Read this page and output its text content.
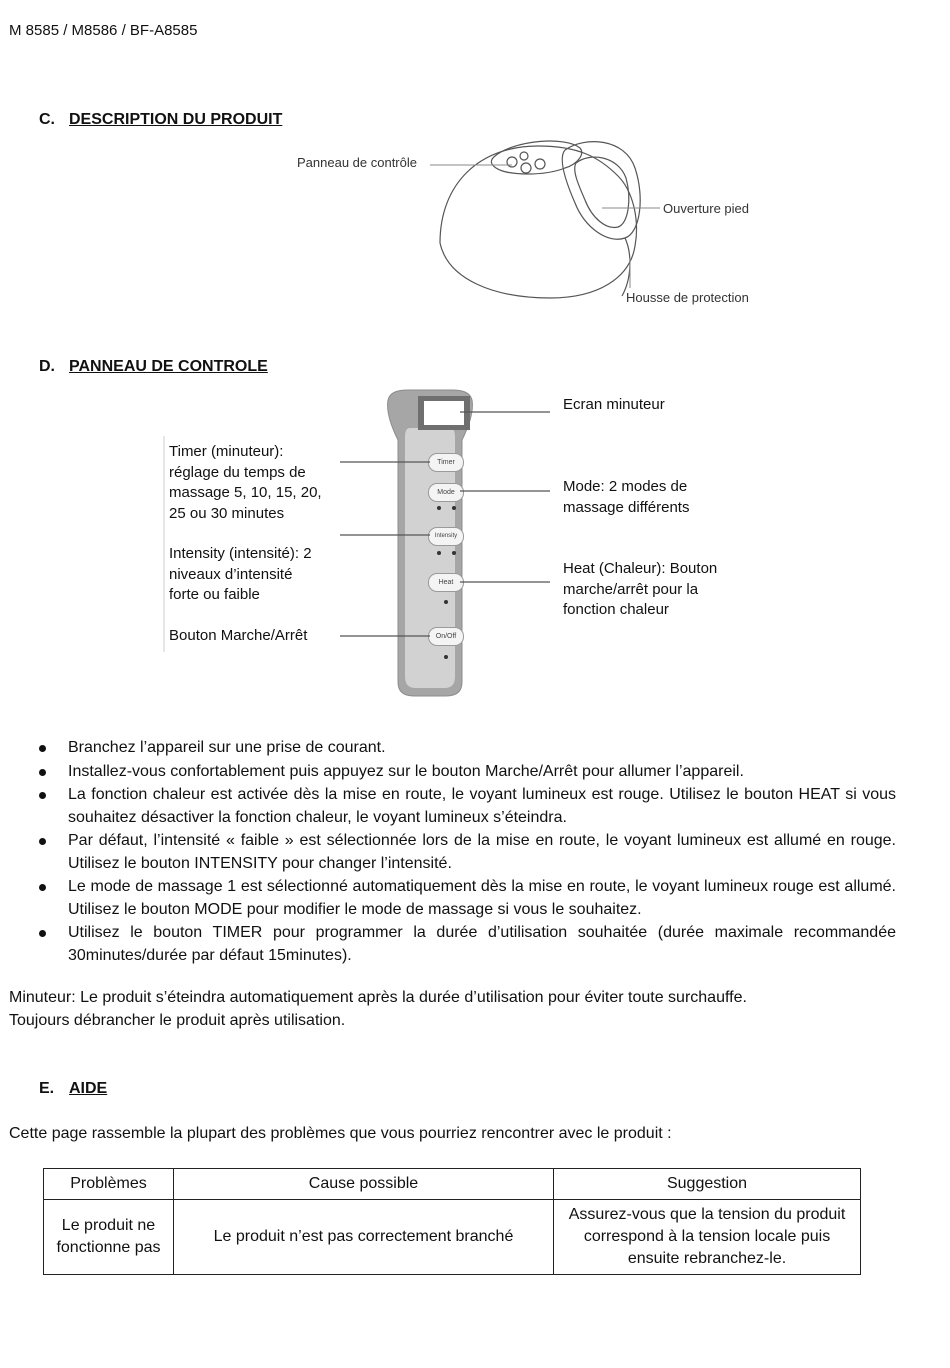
M 8585 / M8586 / BF-A8585
C. DESCRIPTION DU PRODUIT
Panneau de contrôle
Ouverture pied
Housse de protection
D. PANNEAU DE CONTROLE
Timer
Mode
Intensity
Heat
On/Off
Ecran minuteur
Timer (minuteur):
réglage du temps de
massage 5, 10, 15, 20,
25 ou 30 minutes
Intensity (intensité): 2
niveaux d’intensité
forte ou faible
Bouton Marche/Arrêt
Mode: 2 modes de
massage différents
Heat (Chaleur): Bouton
marche/arrêt pour la
fonction chaleur
Branchez l’appareil sur une prise de courant.
Installez-vous confortablement puis appuyez sur le bouton Marche/Arrêt pour allumer l’appareil.
La fonction chaleur est activée dès la mise en route, le voyant lumineux est rouge. Utilisez le bouton HEAT si vous souhaitez désactiver la fonction chaleur, le voyant lumineux s’éteindra.
Par défaut, l’intensité « faible » est sélectionnée lors de la mise en route, le voyant lumineux est allumé en rouge. Utilisez le bouton INTENSITY pour changer l’intensité.
Le mode de massage 1 est sélectionné automatiquement dès la mise en route, le voyant lumineux rouge est allumé. Utilisez le bouton MODE pour modifier le mode de massage si vous le souhaitez.
Utilisez le bouton TIMER pour programmer la durée d’utilisation souhaitée (durée maximale recommandée 30minutes/durée par défaut 15minutes).
Minuteur: Le produit s’éteindra automatiquement après la durée d’utilisation pour éviter toute surchauffe.
Toujours débrancher le produit après utilisation.
E. AIDE
Cette page rassemble la plupart des problèmes que vous pourriez rencontrer avec le produit :
Problèmes	Cause possible	Suggestion
Le produit ne fonctionne pas	Le produit n’est pas correctement branché	Assurez-vous que la tension du produit correspond à la tension locale puis ensuite rebranchez-le.
